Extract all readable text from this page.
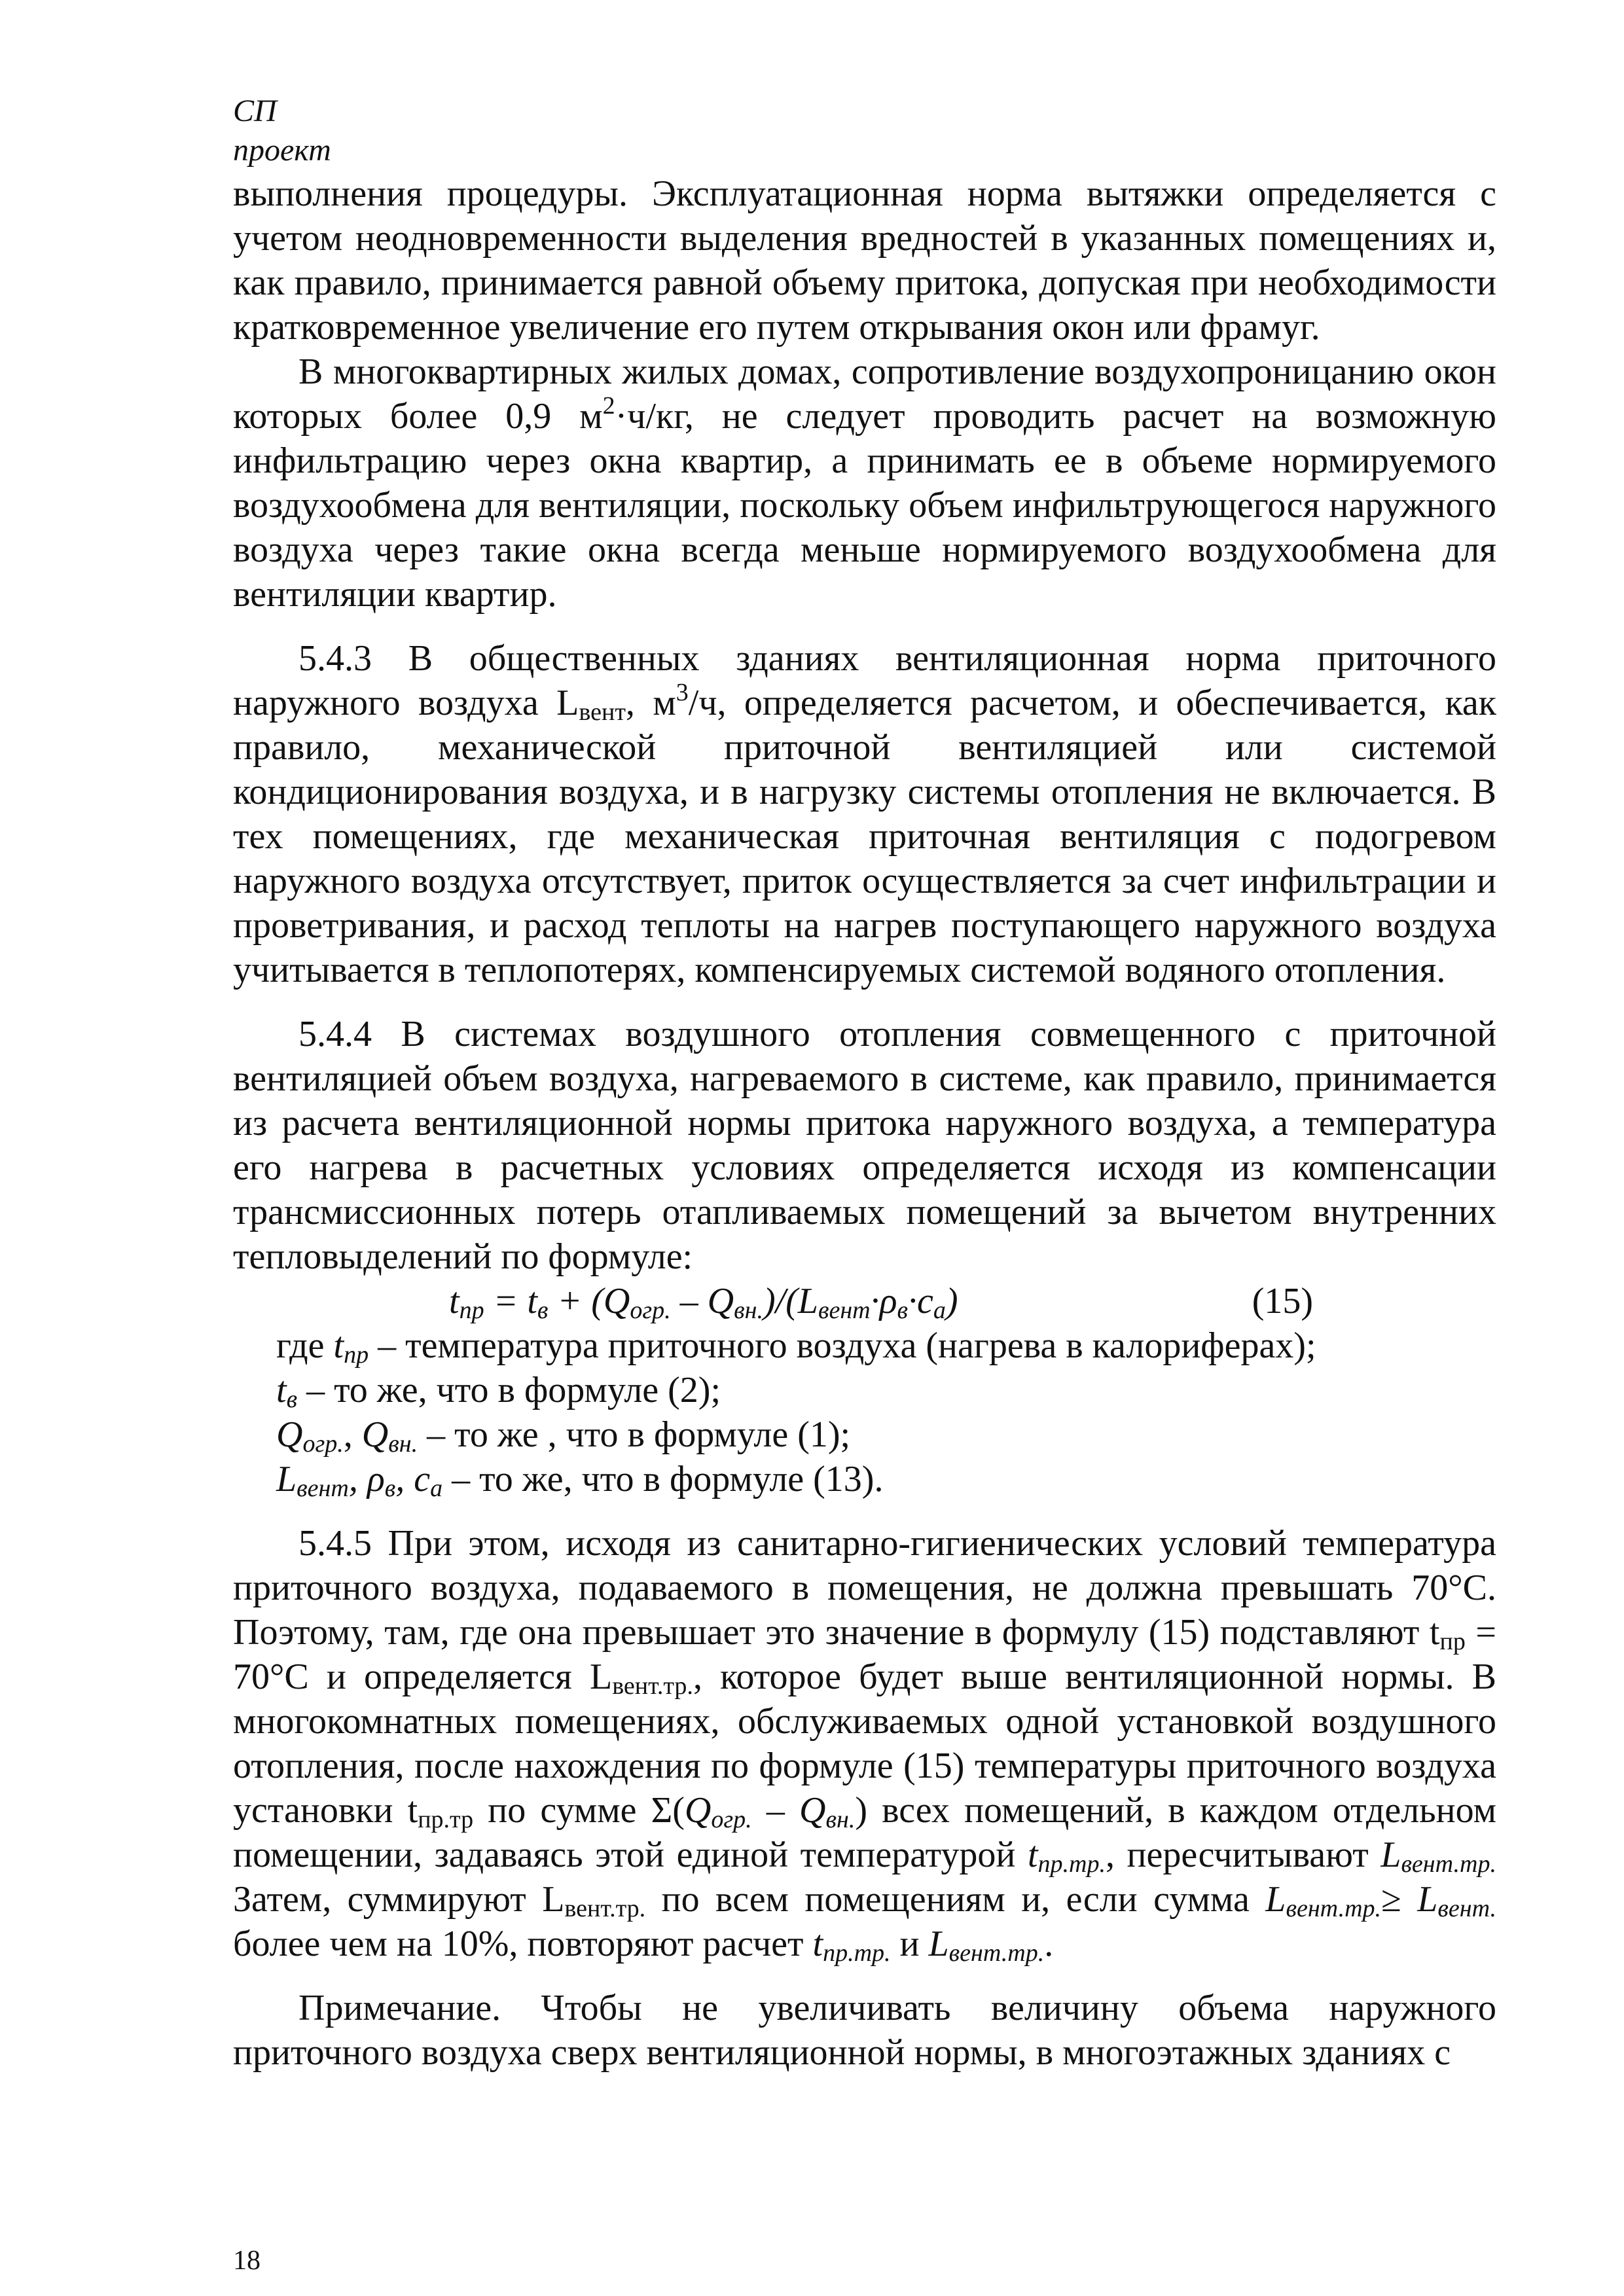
СП
проект

выполнения процедуры. Эксплуатационная норма вытяжки определяется с учетом неодновременности выделения вредностей в указанных помещениях и, как правило, принимается равной объему притока, допуская при необходимости кратковременное увеличение его путем открывания окон или фрамуг.

В многоквартирных жилых домах, сопротивление воздухопроницанию окон которых более 0,9 $м^2\cdot ч/кг$, не следует проводить расчет на возможную инфильтрацию через окна квартир, а принимать ее в объеме нормируемого воздухообмена для вентиляции, поскольку объем инфильтрующегося наружного воздуха через такие окна всегда меньше нормируемого воздухообмена для вентиляции квартир.

5.4.3 В общественных зданиях вентиляционная норма приточного наружного воздуха $L_{вент}$, $м^3/ч$, определяется расчетом, и обеспечивается, как правило, механической приточной вентиляцией или системой кондиционирования воздуха, и в нагрузку системы отопления не включается. В тех помещениях, где механическая приточная вентиляция с подогревом наружного воздуха отсутствует, приток осуществляется за счет инфильтрации и проветривания, и расход теплоты на нагрев поступающего наружного воздуха учитывается в теплопотерях, компенсируемых системой водяного отопления.

5.4.4 В системах воздушного отопления совмещенного с приточной вентиляцией объем воздуха, нагреваемого в системе, как правило, принимается из расчета вентиляционной нормы притока наружного воздуха, а температура его нагрева в расчетных условиях определяется исходя из компенсации трансмиссионных потерь отапливаемых помещений за вычетом внутренних тепловыделений по формуле:

$t_{пр} = t_в + (Q_{огр.} - Q_{вн.})/(L_{вент}\cdot\rho_в\cdot c_a)$	(15)

где $t_{пр}$ – температура приточного воздуха (нагрева в калориферах);

$t_в$ – то же, что в формуле (2);

$Q_{огр.}$, $Q_{вн.}$ – то же , что в формуле (1);

$L_{вент}$, $\rho_в$, $c_a$ – то же, что в формуле (13).

5.4.5 При этом, исходя из санитарно-гигиенических условий температура приточного воздуха, подаваемого в помещения, не должна превышать 70°С. Поэтому, там, где она превышает это значение в формулу (15) подставляют $t_{пр} = 70^\circ С$ и определяется $L_{вент.тр.}$, которое будет выше вентиляционной нормы. В многокомнатных помещениях, обслуживаемых одной установкой воздушного отопления, после нахождения по формуле (15) температуры приточного воздуха установки $t_{пр.тр}$ по сумме $\Sigma(Q_{огр.} - Q_{вн.})$ всех помещений, в каждом отдельном помещении, задаваясь этой единой температурой $t_{пр.тр.}$, пересчитывают $L_{вент.тр.}$ Затем, суммируют $L_{вент.тр.}$ по всем помещениям и, если сумма $L_{вент.тр.}\ge L_{вент.}$ более чем на 10%, повторяют расчет $t_{пр.тр.}$ и $L_{вент.тр.}$.

Примечание. Чтобы не увеличивать величину объема наружного приточного воздуха сверх вентиляционной нормы, в многоэтажных зданиях с

18
